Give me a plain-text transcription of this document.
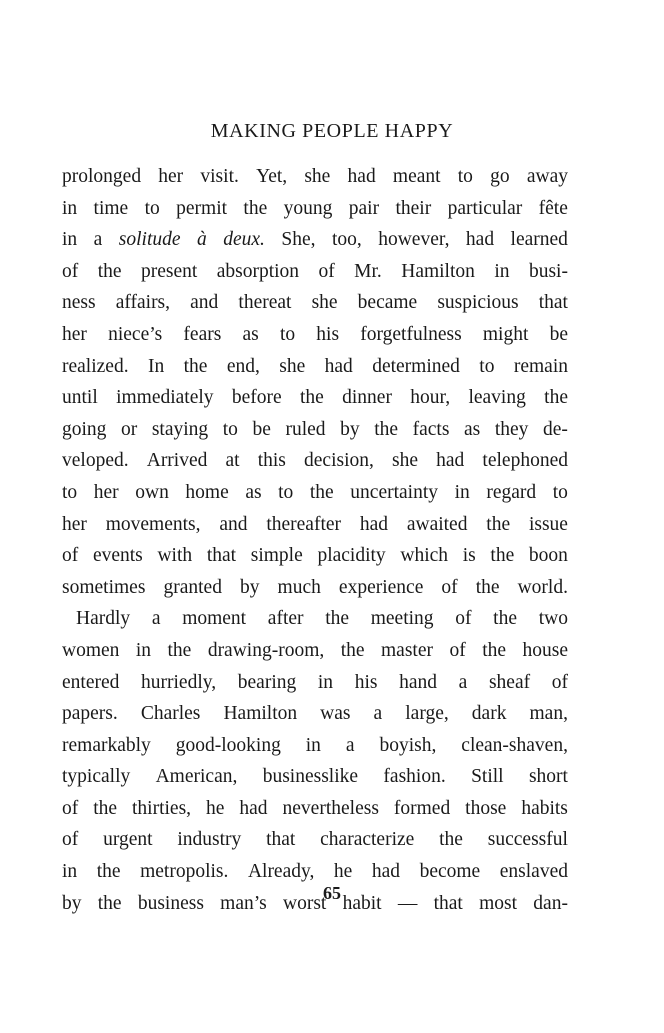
MAKING PEOPLE HAPPY
prolonged her visit. Yet, she had meant to go away
in time to permit the young pair their particular fête
in a solitude à deux. She, too, however, had learned
of the present absorption of Mr. Hamilton in busi-
ness affairs, and thereat she became suspicious that
her niece’s fears as to his forgetfulness might be
realized. In the end, she had determined to remain
until immediately before the dinner hour, leaving the
going or staying to be ruled by the facts as they de-
veloped. Arrived at this decision, she had telephoned
to her own home as to the uncertainty in regard to
her movements, and thereafter had awaited the issue
of events with that simple placidity which is the boon
sometimes granted by much experience of the world.
Hardly a moment after the meeting of the two
women in the drawing-room, the master of the house
entered hurriedly, bearing in his hand a sheaf of
papers. Charles Hamilton was a large, dark man,
remarkably good-looking in a boyish, clean-shaven,
typically American, businesslike fashion. Still short
of the thirties, he had nevertheless formed those habits
of urgent industry that characterize the successful
in the metropolis. Already, he had become enslaved
by the business man’s worst habit — that most dan-
65
